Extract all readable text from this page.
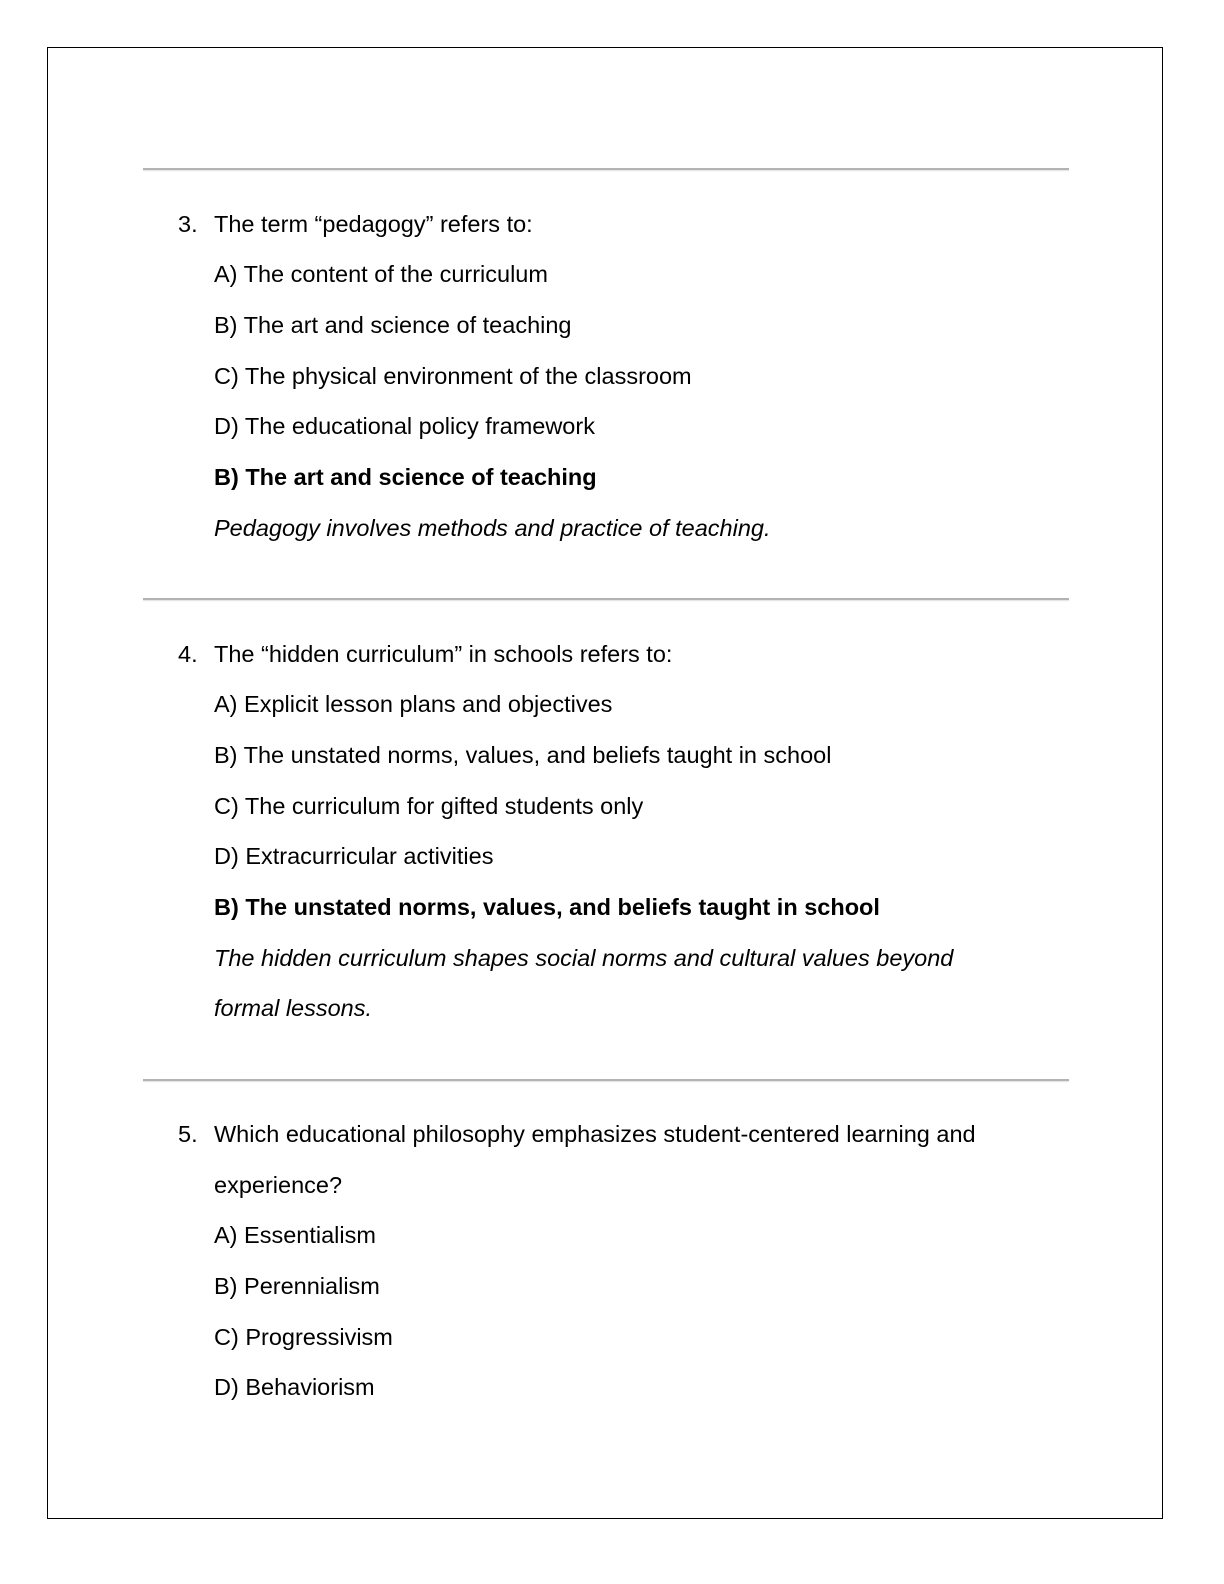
3. The term “pedagogy” refers to:
A) The content of the curriculum
B) The art and science of teaching
C) The physical environment of the classroom
D) The educational policy framework
B) The art and science of teaching
Pedagogy involves methods and practice of teaching.
4. The “hidden curriculum” in schools refers to:
A) Explicit lesson plans and objectives
B) The unstated norms, values, and beliefs taught in school
C) The curriculum for gifted students only
D) Extracurricular activities
B) The unstated norms, values, and beliefs taught in school
The hidden curriculum shapes social norms and cultural values beyond
formal lessons.
5. Which educational philosophy emphasizes student-centered learning and
experience?
A) Essentialism
B) Perennialism
C) Progressivism
D) Behaviorism
